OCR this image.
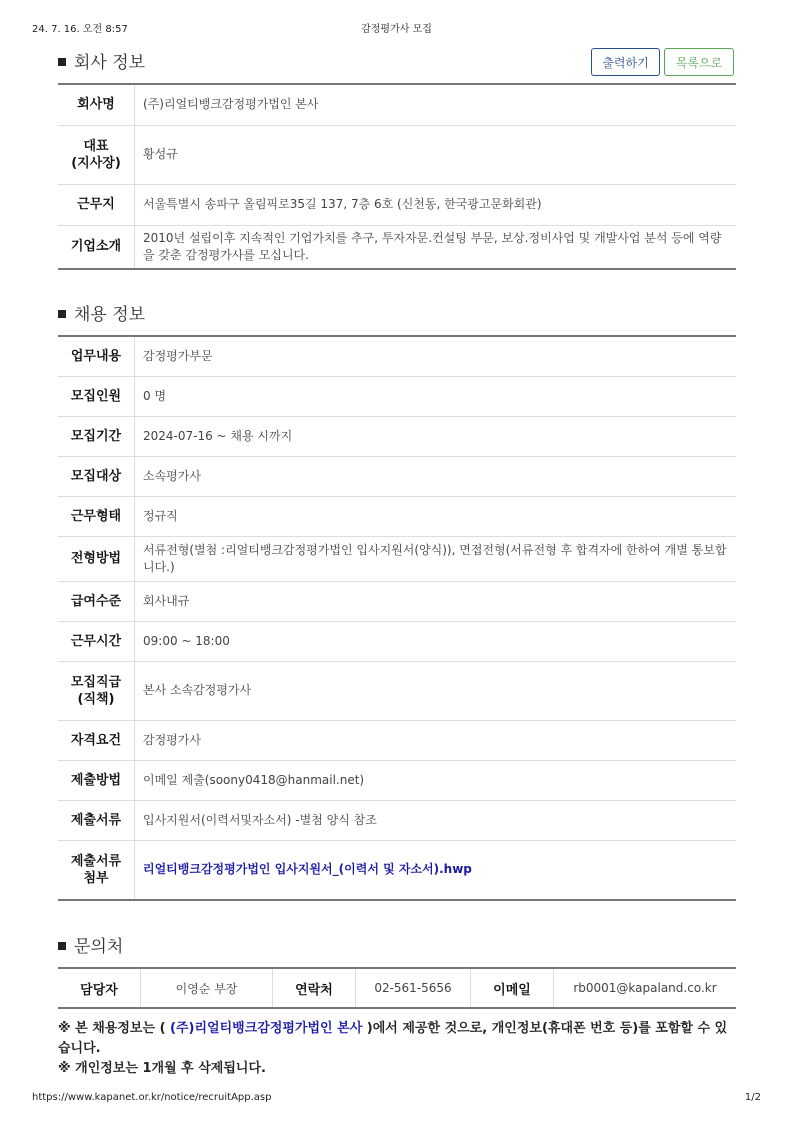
24. 7. 16. 오전 8:57	감정평가사 모집
회사 정보	출력하기	목록으로
회사명	(주)리얼티뱅크감정평가법인 본사
대표
(지사장)	황성규
근무지	서울특별시 송파구 올림픽로35길 137, 7층 6호 (신천동, 한국광고문화회관)
기업소개	2010년 설립이후 지속적인 기업가치를 추구, 투자자문.컨설팅 부문, 보상.정비사업 및 개발사업 분석 등에 역량을 갖춘 감정평가사를 모십니다.
채용 정보
업무내용	감정평가부문
모집인원	0 명
모집기간	2024-07-16 ~ 채용 시까지
모집대상	소속평가사
근무형태	정규직
전형방법	서류전형(별첨 :리얼티뱅크감정평가법인 입사지원서(양식)), 면접전형(서류전형 후 합격자에 한하여 개별 통보합니다.)
급여수준	회사내규
근무시간	09:00 ~ 18:00
모집직급
(직책)	본사 소속감정평가사
자격요건	감정평가사
제출방법	이메일 제출(soony0418@hanmail.net)
제출서류	입사지원서(이력서및자소서) -별첨 양식 참조
제출서류
첨부	리얼티뱅크감정평가법인 입사지원서_(이력서 및 자소서).hwp
문의처
담당자	이영순 부장	연락처	02-561-5656	이메일	rb0001@kapaland.co.kr
※ 본 채용정보는 ( (주)리얼티뱅크감정평가법인 본사 )에서 제공한 것으로, 개인정보(휴대폰 번호 등)를 포함할 수 있습니다.
※ 개인정보는 1개월 후 삭제됩니다.
https://www.kapanet.or.kr/notice/recruitApp.asp	1/2
